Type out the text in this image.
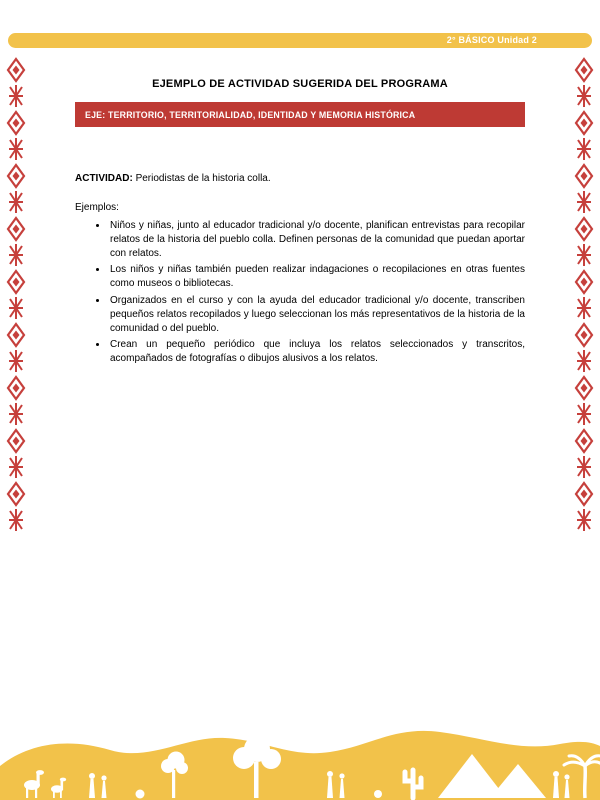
2° BÁSICO Unidad 2
EJEMPLO DE ACTIVIDAD SUGERIDA DEL PROGRAMA
EJE: TERRITORIO, TERRITORIALIDAD, IDENTIDAD Y MEMORIA HISTÓRICA

ACTIVIDAD: Periodistas de la historia colla.

Ejemplos:

• Niños y niñas, junto al educador tradicional y/o docente, planifican entrevistas para recopilar relatos de la historia del pueblo colla. Definen personas de la comunidad que puedan aportar con relatos.
• Los niños y niñas también pueden realizar indagaciones o recopilaciones en otras fuentes como museos o bibliotecas.
• Organizados en el curso y con la ayuda del educador tradicional y/o docente, transcriben pequeños relatos recopilados y luego seleccionan los más representativos de la historia de la comunidad o del pueblo.
• Crean un pequeño periódico que incluya los relatos seleccionados y transcritos, acompañados de fotografías o dibujos alusivos a los relatos.
